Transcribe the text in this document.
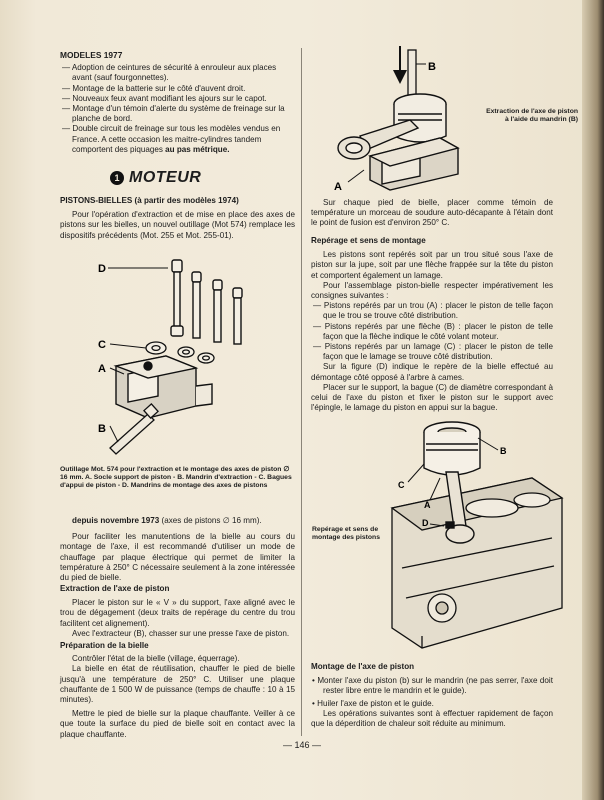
MODELES 1977

— Adoption de ceintures de sécurité à enrouleur aux places avant (sauf fourgonnettes).

— Montage de la batterie sur le côté d'auvent droit.

— Nouveaux feux avant modifiant les ajours sur le capot.

— Montage d'un témoin d'alerte du système de freinage sur la planche de bord.

— Double circuit de freinage sur tous les modèles vendus en France. A cette occasion les maitre-cylindres tandem comportent des piquages au pas métrique.

1 MOTEUR

PISTONS-BIELLES (à partir des modèles 1974)

Pour l'opération d'extraction et de mise en place des axes de pistons sur les bielles, un nouvel outillage (Mot 574) remplace les dispositifs précédents (Mot. 255 et Mot. 255-01).

D
C
A
B
Outillage Mot. 574 pour l'extraction et le montage des axes de piston ∅ 16 mm. A. Socle support de piston - B. Mandrin d'extraction - C. Bagues d'appui de piston - D. Mandrins de montage des axes de pistons

depuis novembre 1973 (axes de pistons ∅ 16 mm).

Pour faciliter les manutentions de la bielle au cours du montage de l'axe, il est recommandé d'utiliser un mode de chauffage par plaque électrique qui permet de limiter la température à 250° C nécessaire seulement à la zone intéressée du pied de bielle.

Extraction de l'axe de piston

Placer le piston sur le « V » du support, l'axe aligné avec le trou de dégagement (deux traits de repérage du centre du trou facilitent cet alignement).

Avec l'extracteur (B), chasser sur une presse l'axe de piston.

Préparation de la bielle

Contrôler l'état de la bielle (village, équerrage).

La bielle en état de réutilisation, chauffer le pied de bielle jusqu'à une température de 250° C. Utiliser une plaque chauffante de 1 500 W de puissance (temps de chauffe : 10 à 15 minutes).

Mettre le pied de bielle sur la plaque chauffante. Veiller à ce que toute la surface du pied de bielle soit en contact avec la plaque chauffante.

B
A
Extraction de l'axe de piston à l'aide du mandrin (B)

Sur chaque pied de bielle, placer comme témoin de température un morceau de soudure auto-décapante à l'étain dont le point de fusion est d'environ 250° C.

Repérage et sens de montage

Les pistons sont repérés soit par un trou situé sous l'axe de piston sur la jupe, soit par une flèche frappée sur la tête du piston et comportent également un lamage.

Pour l'assemblage piston-bielle respecter impérativement les consignes suivantes :

— Pistons repérés par un trou (A) : placer le piston de telle façon que le trou se trouve côté distribution.

— Pistons repérés par une flèche (B) : placer le piston de telle façon que la flèche indique le côté volant moteur.

— Pistons repérés par un lamage (C) : placer le piston de telle façon que le lamage se trouve côté distribution.

Sur la figure (D) indique le repère de la bielle effectué au démontage côté opposé à l'arbre à cames.

Placer sur le support, la bague (C) de diamètre correspondant à celui de l'axe du piston et fixer le piston sur le support avec l'épingle, le lamage du piston en appui sur la bague.

B
C
A
D
Repérage et sens de montage des pistons

Montage de l'axe de piston

• Monter l'axe du piston (b) sur le mandrin (ne pas serrer, l'axe doit rester libre entre le mandrin et le guide).

• Huiler l'axe de piston et le guide.

Les opérations suivantes sont à effectuer rapidement de façon que la déperdition de chaleur soit réduite au minimum.

— 146 —
